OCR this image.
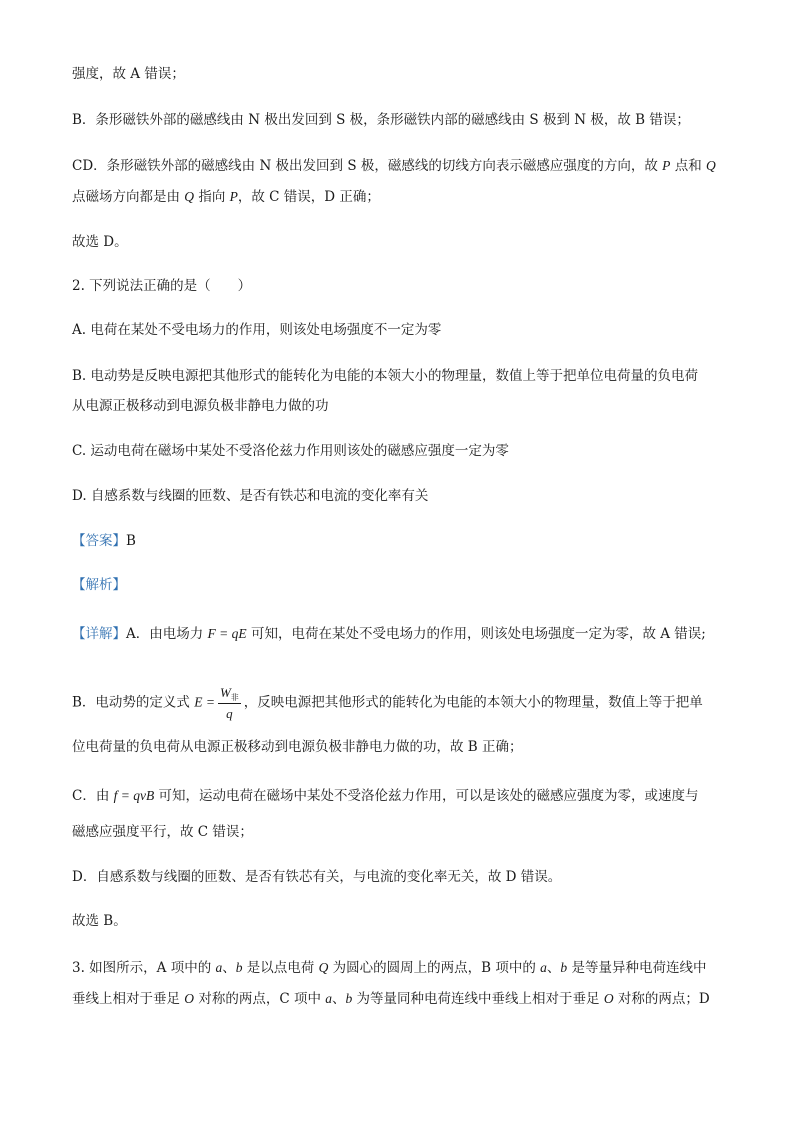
强度，故 A 错误；
B．条形磁铁外部的磁感线由 N 极出发回到 S 极，条形磁铁内部的磁感线由 S 极到 N 极，故 B 错误；
CD．条形磁铁外部的磁感线由 N 极出发回到 S 极，磁感线的切线方向表示磁感应强度的方向，故 P 点和 Q
点磁场方向都是由 Q 指向 P，故 C 错误，D 正确；
故选 D。
2. 下列说法正确的是（　　）
A. 电荷在某处不受电场力的作用，则该处电场强度不一定为零
B. 电动势是反映电源把其他形式的能转化为电能的本领大小的物理量，数值上等于把单位电荷量的负电荷
从电源正极移动到电源负极非静电力做的功
C. 运动电荷在磁场中某处不受洛伦兹力作用则该处的磁感应强度一定为零
D. 自感系数与线圈的匝数、是否有铁芯和电流的变化率有关
【答案】B
【解析】
【详解】A．由电场力 F = qE 可知，电荷在某处不受电场力的作用，则该处电场强度一定为零，故 A 错误;
B．电动势的定义式 $E = \frac{W_非}{q}$ ，反映电源把其他形式的能转化为电能的本领大小的物理量，数值上等于把单
位电荷量的负电荷从电源正极移动到电源负极非静电力做的功，故 B 正确；
C．由 f = qvB 可知，运动电荷在磁场中某处不受洛伦兹力作用，可以是该处的磁感应强度为零，或速度与
磁感应强度平行，故 C 错误；
D．自感系数与线圈的匝数、是否有铁芯有关，与电流的变化率无关，故 D 错误。
故选 B。
3. 如图所示，A 项中的 a、b 是以点电荷 Q 为圆心的圆周上的两点，B 项中的 a、b 是等量异种电荷连线中
垂线上相对于垂足 O 对称的两点，C 项中 a、b 为等量同种电荷连线中垂线上相对于垂足 O 对称的两点；D
